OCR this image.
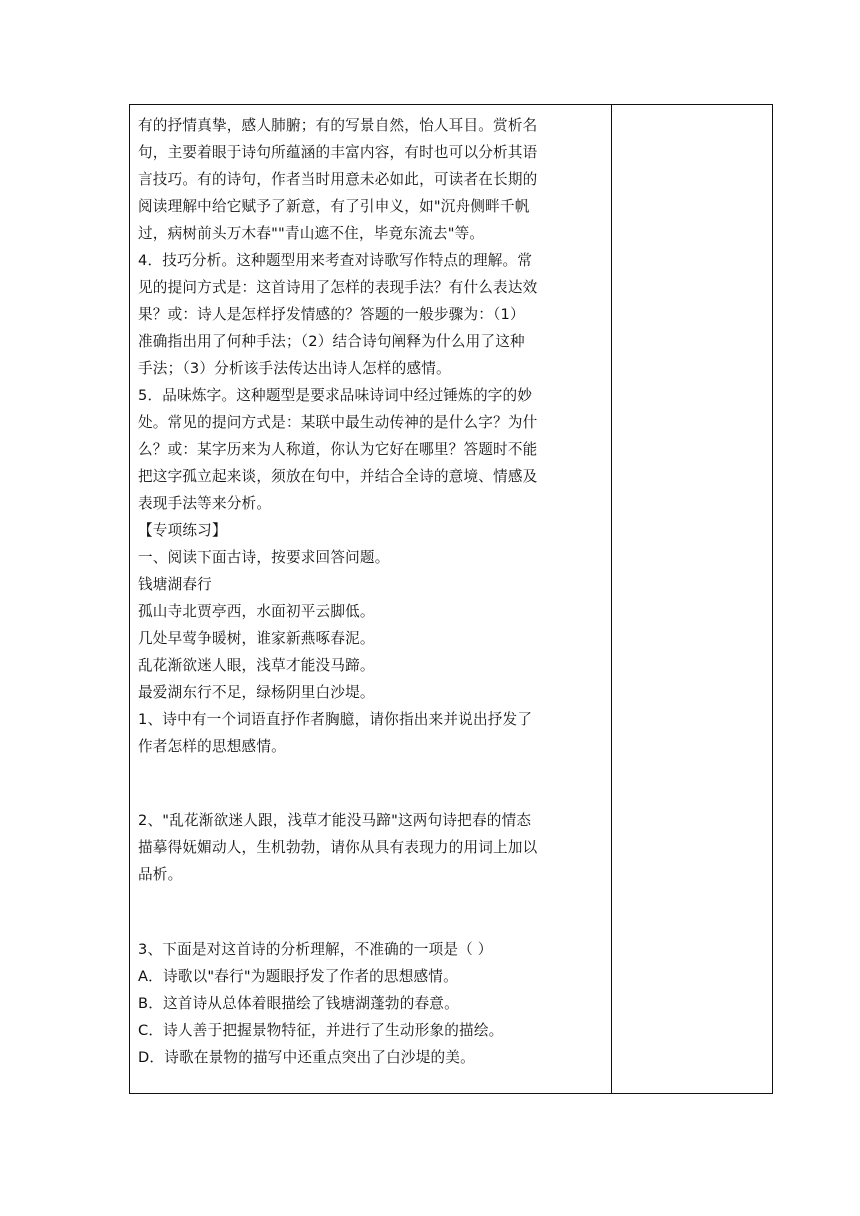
有的抒情真挚，感人肺腑；有的写景自然，怡人耳目。赏析名
句，主要着眼于诗句所蕴涵的丰富内容，有时也可以分析其语
言技巧。有的诗句，作者当时用意未必如此，可读者在长期的
阅读理解中给它赋予了新意，有了引申义，如"沉舟侧畔千帆
过，病树前头万木春""青山遮不住，毕竟东流去"等。
4．技巧分析。这种题型用来考查对诗歌写作特点的理解。常
见的提问方式是：这首诗用了怎样的表现手法？有什么表达效
果？或：诗人是怎样抒发情感的？答题的一般步骤为：（1）
准确指出用了何种手法；（2）结合诗句阐释为什么用了这种
手法；（3）分析该手法传达出诗人怎样的感情。
5．品味炼字。这种题型是要求品味诗词中经过锤炼的字的妙
处。常见的提问方式是：某联中最生动传神的是什么字？为什
么？或：某字历来为人称道，你认为它好在哪里？答题时不能
把这字孤立起来谈，须放在句中，并结合全诗的意境、情感及
表现手法等来分析。
【专项练习】
一、阅读下面古诗，按要求回答问题。
钱塘湖春行
孤山寺北贾亭西，水面初平云脚低。
几处早莺争暖树，谁家新燕啄春泥。
乱花渐欲迷人眼，浅草才能没马蹄。
最爱湖东行不足，绿杨阴里白沙堤。
1、诗中有一个词语直抒作者胸臆，请你指出来并说出抒发了
作者怎样的思想感情。
2、"乱花渐欲迷人跟，浅草才能没马蹄"这两句诗把春的情态
描摹得妩媚动人，生机勃勃，请你从具有表现力的用词上加以
品析。
3、下面是对这首诗的分析理解，不准确的一项是（ ）
A．诗歌以"春行"为题眼抒发了作者的思想感情。
B．这首诗从总体着眼描绘了钱塘湖蓬勃的春意。
C．诗人善于把握景物特征，并进行了生动形象的描绘。
D．诗歌在景物的描写中还重点突出了白沙堤的美。
